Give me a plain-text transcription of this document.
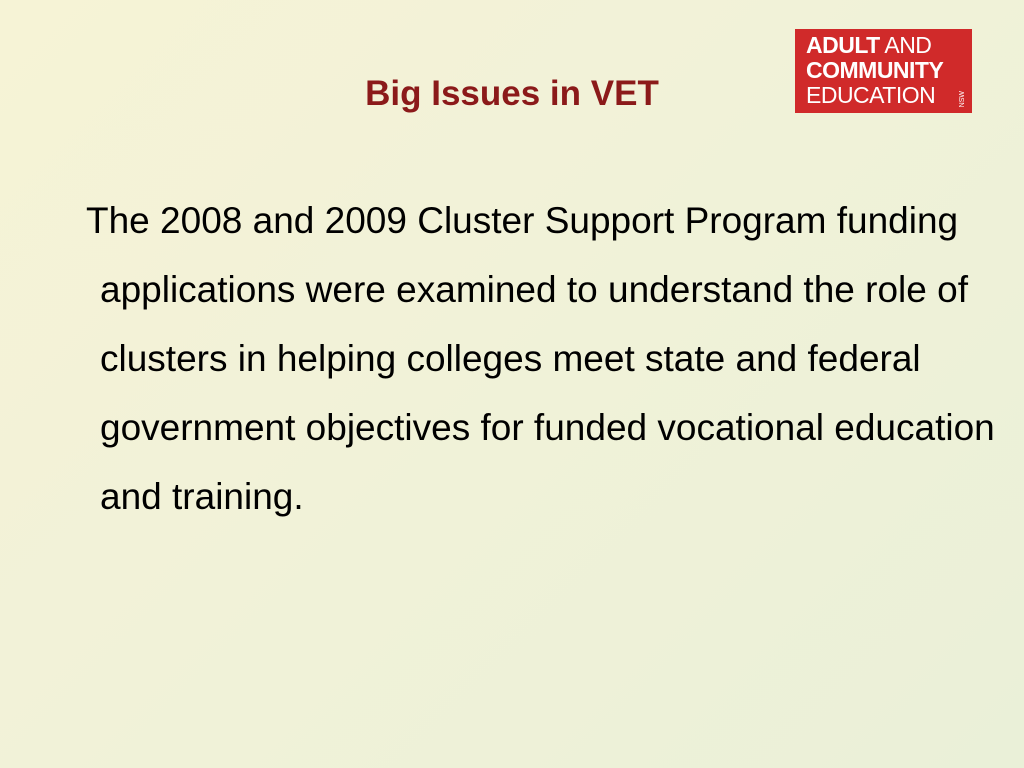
Big Issues in VET
ADULT AND
COMMUNITY
EDUCATION	NSW

The 2008 and 2009 Cluster Support Program funding applications were examined to understand the role of clusters in helping colleges meet state and federal government objectives for funded vocational education and training.
